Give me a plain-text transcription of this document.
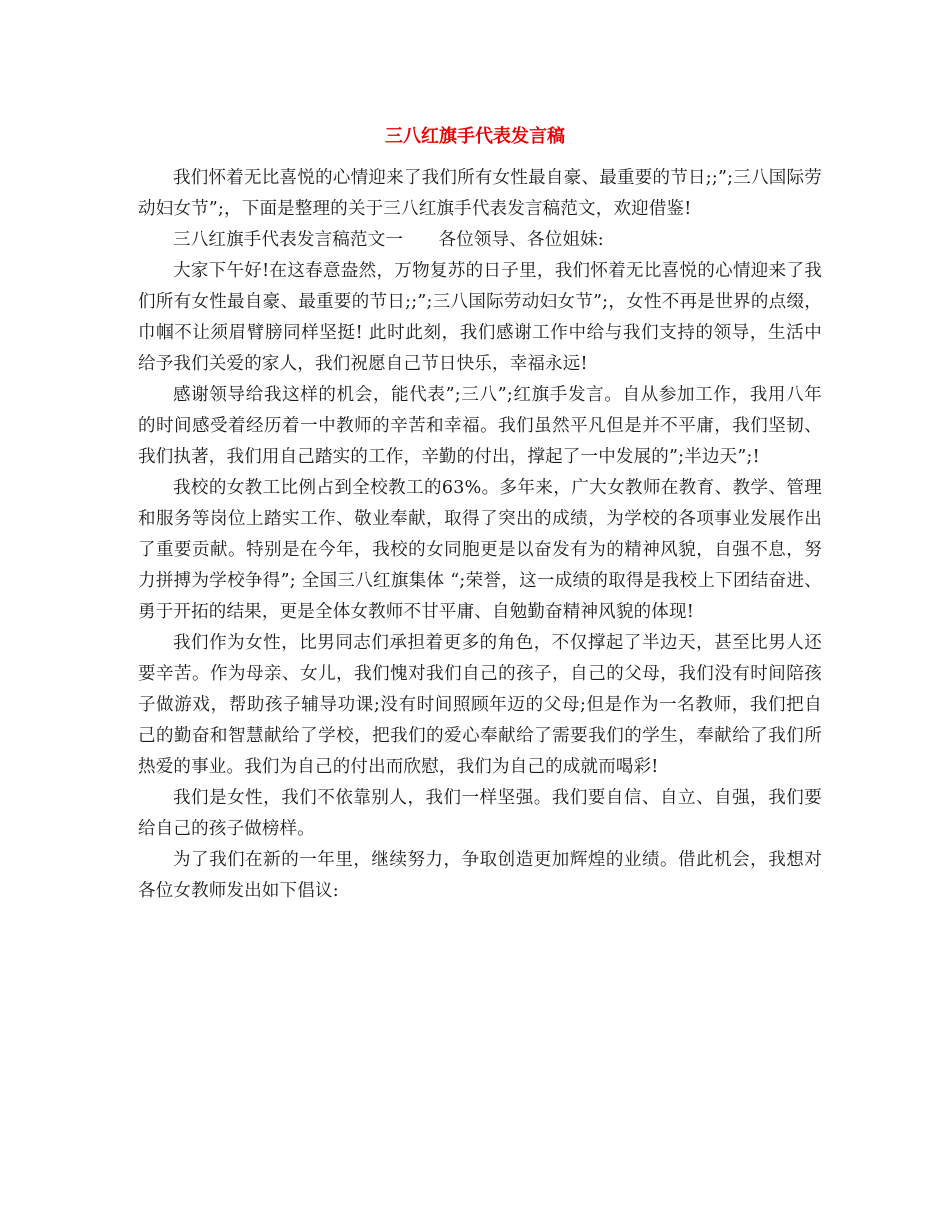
三八红旗手代表发言稿

我们怀着无比喜悦的心情迎来了我们所有女性最自豪、最重要的节日;;”;三八国际劳动妇女节”;，下面是整理的关于三八红旗手代表发言稿范文，欢迎借鉴!

三八红旗手代表发言稿范文一　　各位领导、各位姐妹:

大家下午好!在这春意盎然，万物复苏的日子里，我们怀着无比喜悦的心情迎来了我们所有女性最自豪、最重要的节日;;”;三八国际劳动妇女节”;，女性不再是世界的点缀，巾帼不让须眉臂膀同样坚挺! 此时此刻，我们感谢工作中给与我们支持的领导，生活中给予我们关爱的家人，我们祝愿自己节日快乐，幸福永远!

感谢领导给我这样的机会，能代表”;三八”;红旗手发言。自从参加工作，我用八年的时间感受着经历着一中教师的辛苦和幸福。我们虽然平凡但是并不平庸，我们坚韧、我们执著，我们用自己踏实的工作，辛勤的付出，撑起了一中发展的”;半边天”;!

我校的女教工比例占到全校教工的63%。多年来，广大女教师在教育、教学、管理和服务等岗位上踏实工作、敬业奉献，取得了突出的成绩，为学校的各项事业发展作出了重要贡献。特别是在今年，我校的女同胞更是以奋发有为的精神风貌，自强不息，努力拼搏为学校争得”; 全国三八红旗集体 “;荣誉，这一成绩的取得是我校上下团结奋进、勇于开拓的结果，更是全体女教师不甘平庸、自勉勤奋精神风貌的体现!

我们作为女性，比男同志们承担着更多的角色，不仅撑起了半边天，甚至比男人还要辛苦。作为母亲、女儿，我们愧对我们自己的孩子，自己的父母，我们没有时间陪孩子做游戏，帮助孩子辅导功课;没有时间照顾年迈的父母;但是作为一名教师，我们把自己的勤奋和智慧献给了学校，把我们的爱心奉献给了需要我们的学生，奉献给了我们所热爱的事业。我们为自己的付出而欣慰，我们为自己的成就而喝彩!

我们是女性，我们不依靠别人，我们一样坚强。我们要自信、自立、自强，我们要给自己的孩子做榜样。

为了我们在新的一年里，继续努力，争取创造更加辉煌的业绩。借此机会，我想对各位女教师发出如下倡议:
